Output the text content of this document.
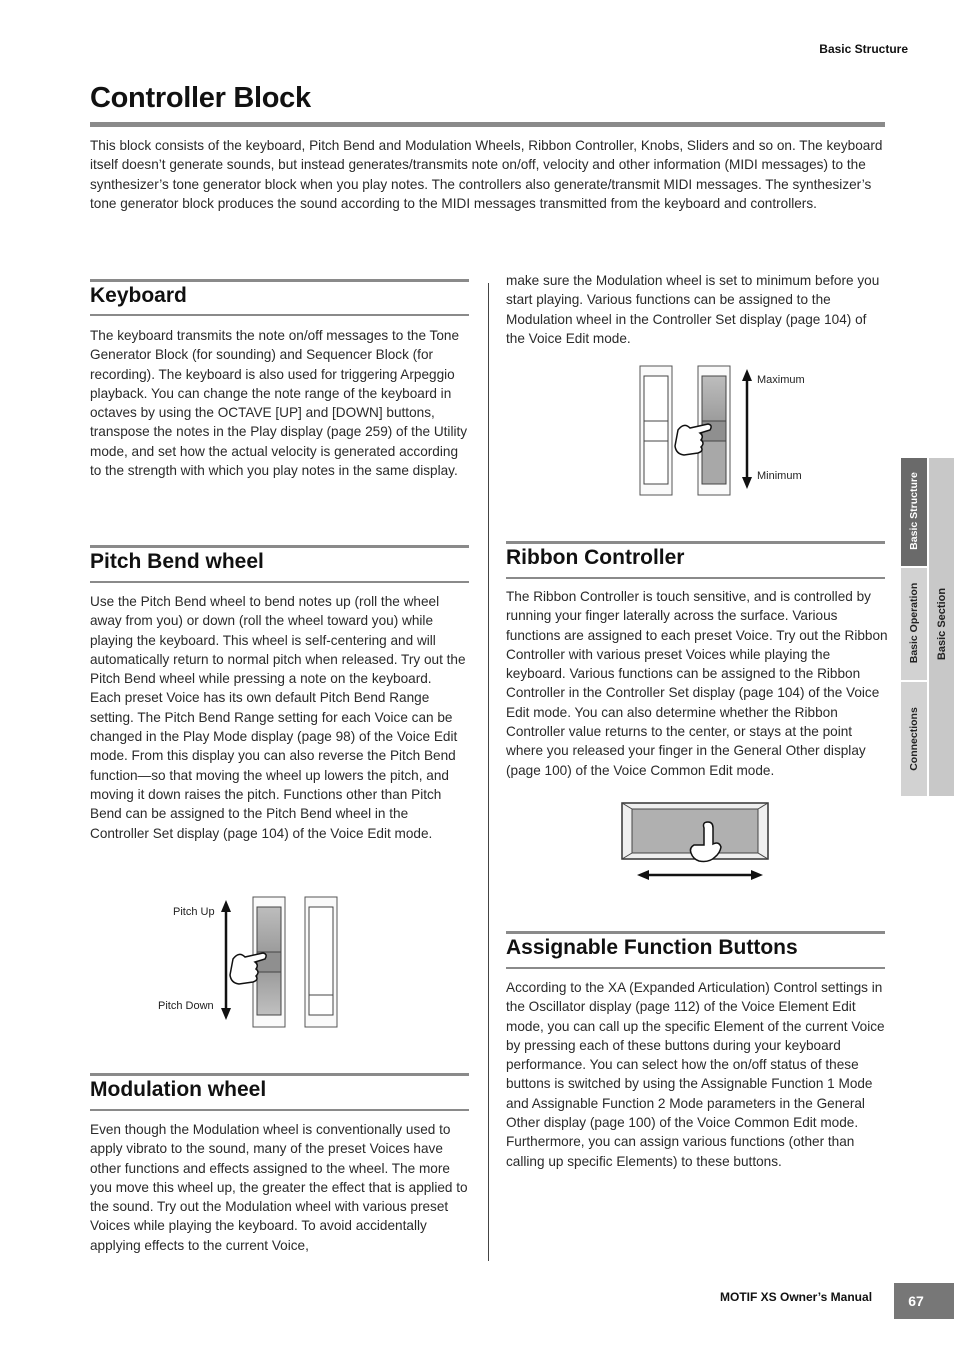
Basic Structure
Controller Block

This block consists of the keyboard, Pitch Bend and Modulation Wheels, Ribbon Controller, Knobs, Sliders and so on. The keyboard itself doesn’t generate sounds, but instead generates/transmits note on/off, velocity and other information (MIDI messages) to the synthesizer’s tone generator block when you play notes. The controllers also generate/transmit MIDI messages. The synthesizer’s tone generator block produces the sound according to the MIDI messages transmitted from the keyboard and controllers.

Keyboard

The keyboard transmits the note on/off messages to the Tone Generator Block (for sounding) and Sequencer Block (for recording). The keyboard is also used for triggering Arpeggio playback. You can change the note range of the keyboard in octaves by using the OCTAVE [UP] and [DOWN] buttons, transpose the notes in the Play display (page 259) of the Utility mode, and set how the actual velocity is generated according to the strength with which you play notes in the same display.

Pitch Bend wheel

Use the Pitch Bend wheel to bend notes up (roll the wheel away from you) or down (roll the wheel toward you) while playing the keyboard. This wheel is self-centering and will automatically return to normal pitch when released. Try out the Pitch Bend wheel while pressing a note on the keyboard.

Each preset Voice has its own default Pitch Bend Range setting. The Pitch Bend Range setting for each Voice can be changed in the Play Mode display (page 98) of the Voice Edit mode. From this display you can also reverse the Pitch Bend function—so that moving the wheel up lowers the pitch, and moving it down raises the pitch. Functions other than Pitch Bend can be assigned to the Pitch Bend wheel in the Controller Set display (page 104) of the Voice Edit mode.

Pitch Up
Pitch Down
Modulation wheel

Even though the Modulation wheel is conventionally used to apply vibrato to the sound, many of the preset Voices have other functions and effects assigned to the wheel. The more you move this wheel up, the greater the effect that is applied to the sound. Try out the Modulation wheel with various preset Voices while playing the keyboard. To avoid accidentally applying effects to the current Voice,

make sure the Modulation wheel is set to minimum before you start playing. Various functions can be assigned to the Modulation wheel in the Controller Set display (page 104) of the Voice Edit mode.

Maximum
Minimum
Ribbon Controller

The Ribbon Controller is touch sensitive, and is controlled by running your finger laterally across the surface. Various functions are assigned to each preset Voice. Try out the Ribbon Controller with various preset Voices while playing the keyboard. Various functions can be assigned to the Ribbon Controller in the Controller Set display (page 104) of the Voice Edit mode. You can also determine whether the Ribbon Controller value returns to the center, or stays at the point where you released your finger in the General Other display (page 100) of the Voice Common Edit mode.

Assignable Function Buttons

According to the XA (Expanded Articulation) Control settings in the Oscillator display (page 112) of the Voice Element Edit mode, you can call up the specific Element of the current Voice by pressing each of these buttons during your keyboard performance. You can select how the on/off status of these buttons is switched by using the Assignable Function 1 Mode and Assignable Function 2 Mode parameters in the General Other display (page 100) of the Voice Common Edit mode. Furthermore, you can assign various functions (other than calling up specific Elements) to these buttons.

Basic Structure
Basic Operation
Connections
Basic Section
MOTIF XS Owner’s Manual	67
